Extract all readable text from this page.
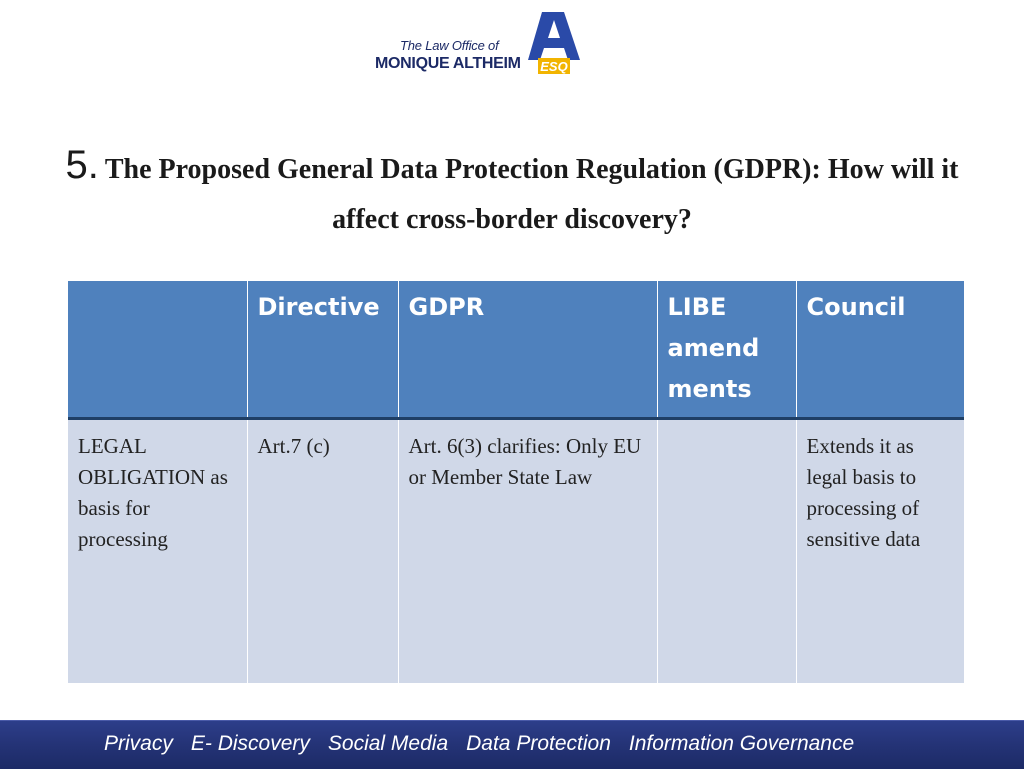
The Law Office of
MONIQUE ALTHEIM ESQ
5. The Proposed General Data Protection Regulation (GDPR): How will it affect cross-border discovery?
	Directive	GDPR	LIBE amend ments	Council
LEGAL OBLIGATION as basis for processing	Art.7 (c)	Art. 6(3) clarifies: Only EU or Member State Law		Extends it as legal basis to processing of sensitive data
Privacy E- Discovery Social Media Data Protection Information Governance
